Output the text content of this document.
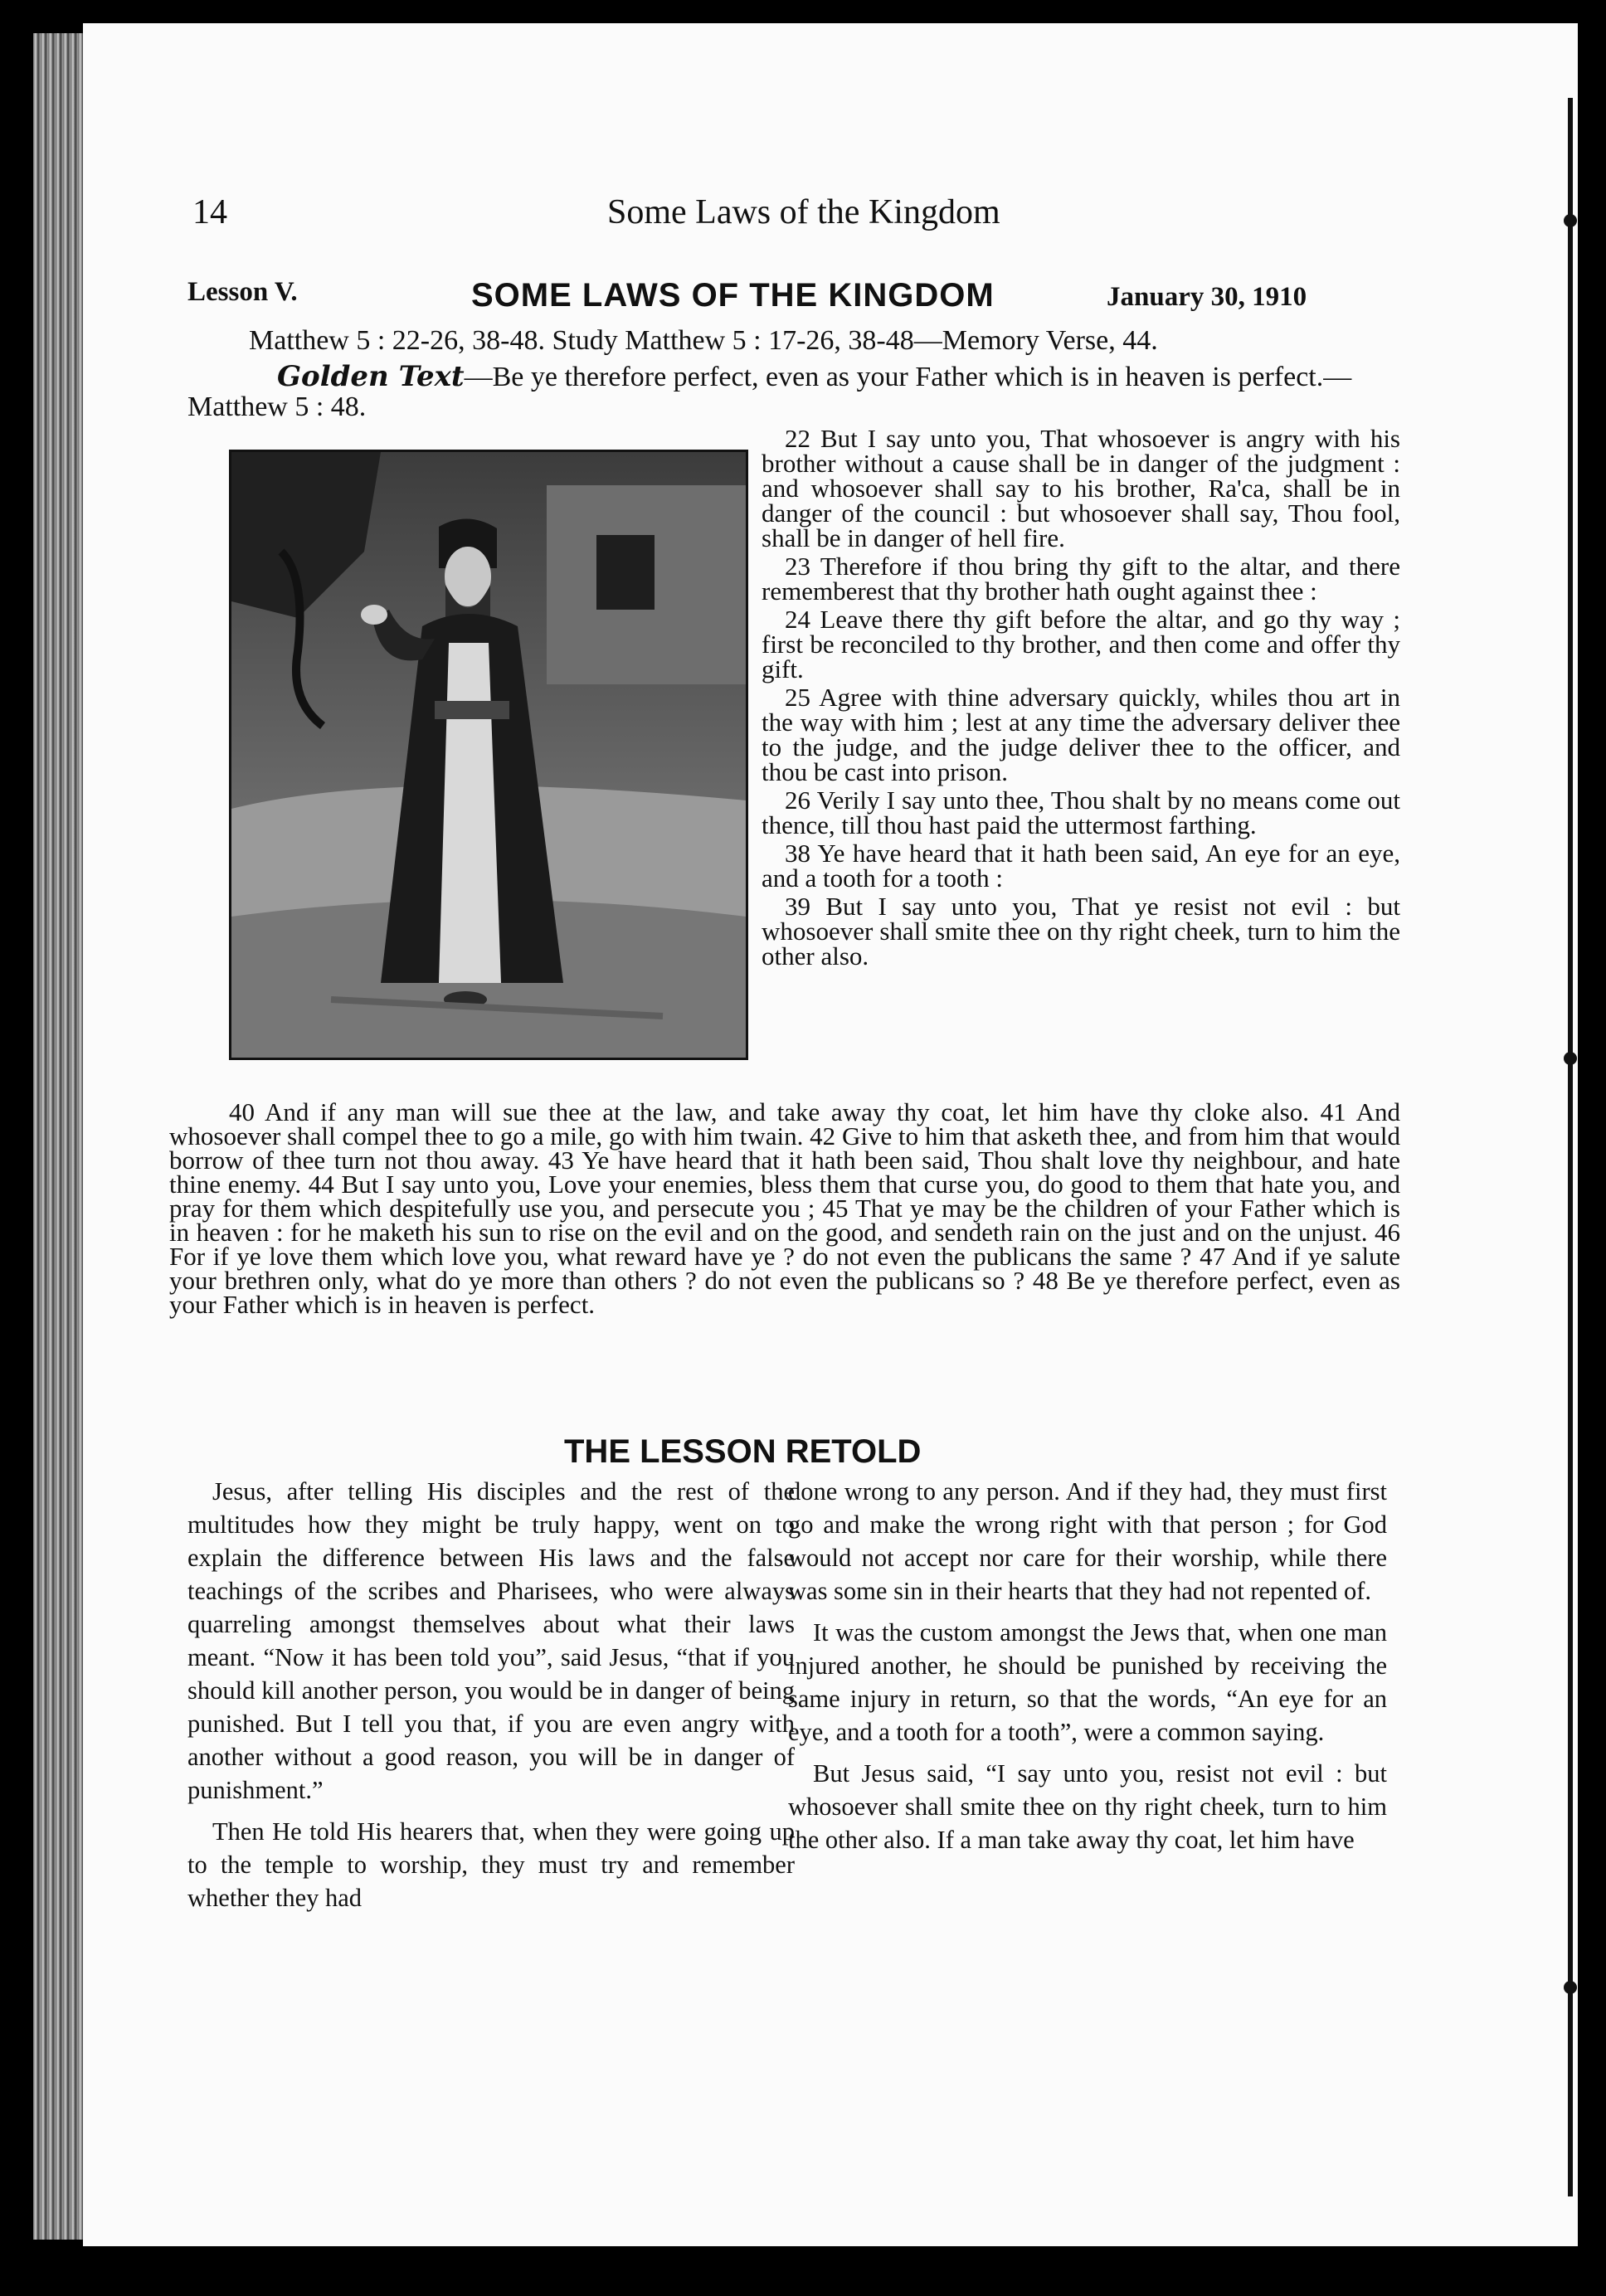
14	Some Laws of the Kingdom
Lesson V.	SOME LAWS OF THE KINGDOM	January 30, 1910
Matthew 5 : 22-26, 38-48. Study Matthew 5 : 17-26, 38-48—Memory Verse, 44.
Golden Text—Be ye therefore perfect, even as your Father which is in heaven is perfect.—Matthew 5 : 48.

22 But I say unto you, That whosoever is angry with his brother without a cause shall be in danger of the judgment : and whosoever shall say to his brother, Ra'ca, shall be in danger of the council : but whosoever shall say, Thou fool, shall be in danger of hell fire.

23 Therefore if thou bring thy gift to the altar, and there rememberest that thy brother hath ought against thee :

24 Leave there thy gift before the altar, and go thy way ; first be reconciled to thy brother, and then come and offer thy gift.

25 Agree with thine adversary quickly, whiles thou art in the way with him ; lest at any time the adversary deliver thee to the judge, and the judge deliver thee to the officer, and thou be cast into prison.

26 Verily I say unto thee, Thou shalt by no means come out thence, till thou hast paid the uttermost farthing.

38 Ye have heard that it hath been said, An eye for an eye, and a tooth for a tooth :

39 But I say unto you, That ye resist not evil : but whosoever shall smite thee on thy right cheek, turn to him the other also.

40 And if any man will sue thee at the law, and take away thy coat, let him have thy cloke also. 41 And whosoever shall compel thee to go a mile, go with him twain. 42 Give to him that asketh thee, and from him that would borrow of thee turn not thou away. 43 Ye have heard that it hath been said, Thou shalt love thy neighbour, and hate thine enemy. 44 But I say unto you, Love your enemies, bless them that curse you, do good to them that hate you, and pray for them which despitefully use you, and persecute you ; 45 That ye may be the children of your Father which is in heaven : for he maketh his sun to rise on the evil and on the good, and sendeth rain on the just and on the unjust. 46 For if ye love them which love you, what reward have ye ? do not even the publicans the same ? 47 And if ye salute your brethren only, what do ye more than others ? do not even the publicans so ? 48 Be ye therefore perfect, even as your Father which is in heaven is perfect.
THE LESSON RETOLD

Jesus, after telling His disciples and the rest of the multitudes how they might be truly happy, went on to explain the difference between His laws and the false teachings of the scribes and Pharisees, who were always quarreling amongst themselves about what their laws meant. “Now it has been told you”, said Jesus, “that if you should kill another person, you would be in danger of being punished. But I tell you that, if you are even angry with another without a good reason, you will be in danger of punishment.”

Then He told His hearers that, when they were going up to the temple to worship, they must try and remember whether they had

done wrong to any person. And if they had, they must first go and make the wrong right with that person ; for God would not accept nor care for their worship, while there was some sin in their hearts that they had not repented of.

It was the custom amongst the Jews that, when one man injured another, he should be punished by receiving the same injury in return, so that the words, “An eye for an eye, and a tooth for a tooth”, were a common saying.

But Jesus said, “I say unto you, resist not evil : but whosoever shall smite thee on thy right cheek, turn to him the other also. If a man take away thy coat, let him have
